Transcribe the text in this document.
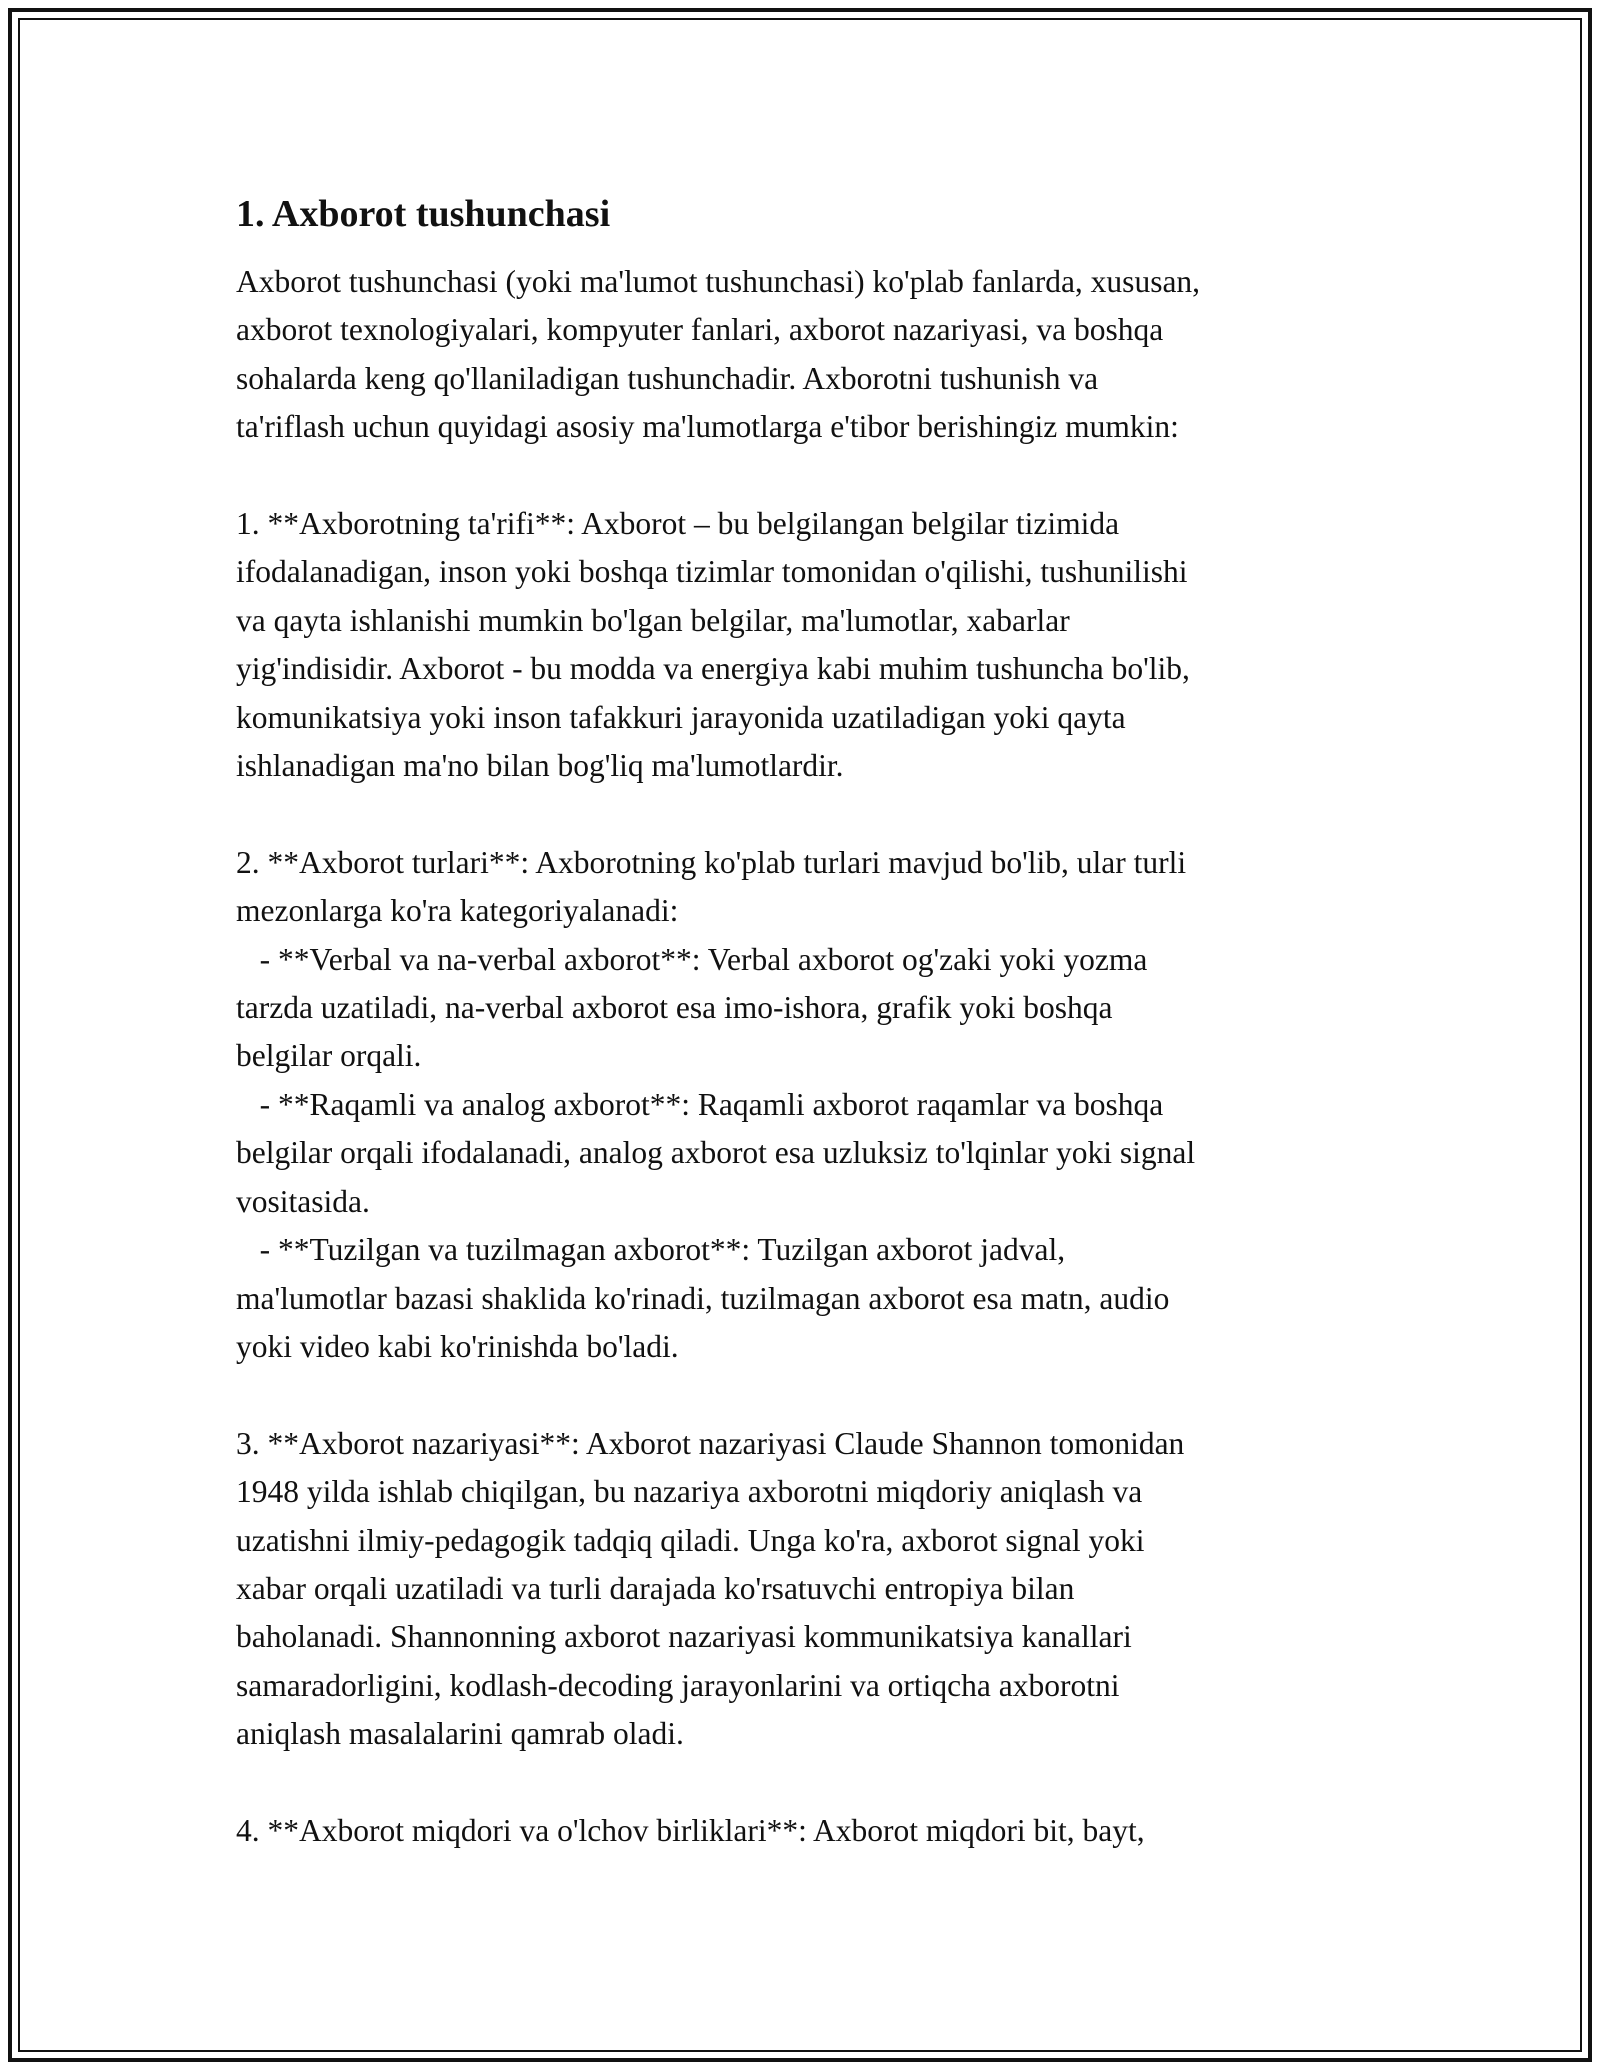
1. Axborot tushunchasi
Axborot tushunchasi (yoki ma'lumot tushunchasi) ko'plab fanlarda, xususan,
axborot texnologiyalari, kompyuter fanlari, axborot nazariyasi, va boshqa
sohalarda keng qo'llaniladigan tushunchadir. Axborotni tushunish va
ta'riflash uchun quyidagi asosiy ma'lumotlarga e'tibor berishingiz mumkin:
1. **Axborotning ta'rifi**: Axborot – bu belgilangan belgilar tizimida
ifodalanadigan, inson yoki boshqa tizimlar tomonidan o'qilishi, tushunilishi
va qayta ishlanishi mumkin bo'lgan belgilar, ma'lumotlar, xabarlar
yig'indisidir. Axborot - bu modda va energiya kabi muhim tushuncha bo'lib,
komunikatsiya yoki inson tafakkuri jarayonida uzatiladigan yoki qayta
ishlanadigan ma'no bilan bog'liq ma'lumotlardir.
2. **Axborot turlari**: Axborotning ko'plab turlari mavjud bo'lib, ular turli
mezonlarga ko'ra kategoriyalanadi:
- **Verbal va na-verbal axborot**: Verbal axborot og'zaki yoki yozma
tarzda uzatiladi, na-verbal axborot esa imo-ishora, grafik yoki boshqa
belgilar orqali.
- **Raqamli va analog axborot**: Raqamli axborot raqamlar va boshqa
belgilar orqali ifodalanadi, analog axborot esa uzluksiz to'lqinlar yoki signal
vositasida.
- **Tuzilgan va tuzilmagan axborot**: Tuzilgan axborot jadval,
ma'lumotlar bazasi shaklida ko'rinadi, tuzilmagan axborot esa matn, audio
yoki video kabi ko'rinishda bo'ladi.
3. **Axborot nazariyasi**: Axborot nazariyasi Claude Shannon tomonidan
1948 yilda ishlab chiqilgan, bu nazariya axborotni miqdoriy aniqlash va
uzatishni ilmiy-pedagogik tadqiq qiladi. Unga ko'ra, axborot signal yoki
xabar orqali uzatiladi va turli darajada ko'rsatuvchi entropiya bilan
baholanadi. Shannonning axborot nazariyasi kommunikatsiya kanallari
samaradorligini, kodlash-decoding jarayonlarini va ortiqcha axborotni
aniqlash masalalarini qamrab oladi.
4. **Axborot miqdori va o'lchov birliklari**: Axborot miqdori bit, bayt,
